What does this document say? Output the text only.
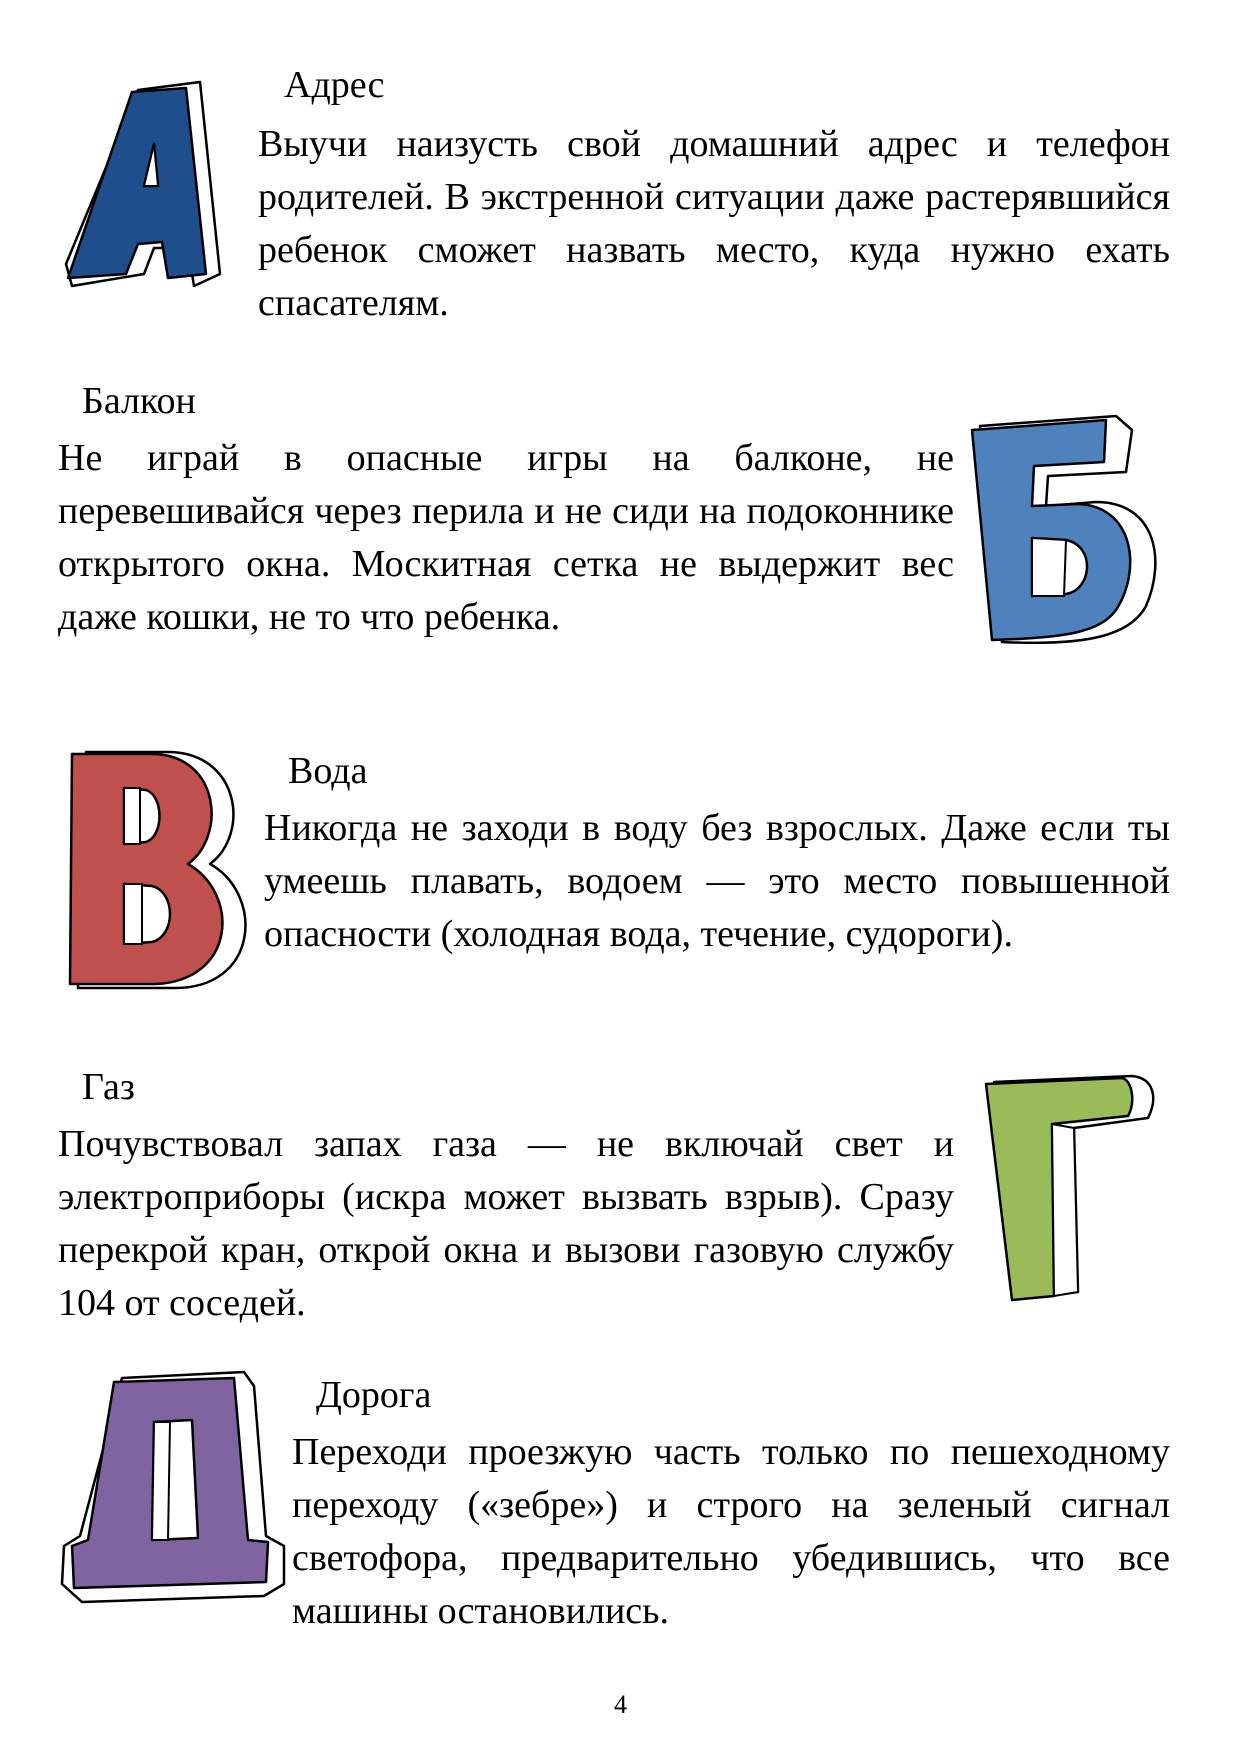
Адрес

Выучи наизусть свой домашний адрес и телефон родителей. В экстренной ситуации даже растерявшийся ребенок сможет назвать место, куда нужно ехать спасателям.

Балкон

Не играй в опасные игры на балконе, не перевешивайся через перила и не сиди на подоконнике открытого окна. Москитная сетка не выдержит вес даже кошки, не то что ребенка.

Вода

Никогда не заходи в воду без взрослых. Даже если ты умеешь плавать, водоем — это место повышенной опасности (холодная вода, течение, судороги).

Газ

Почувствовал запах газа — не включай свет и электроприборы (искра может вызвать взрыв). Сразу перекрой кран, открой окна и вызови газовую службу 104 от соседей.

Дорога

Переходи проезжую часть только по пешеходному переходу («зебре») и строго на зеленый сигнал светофора, предварительно убедившись, что все машины остановились.

4
